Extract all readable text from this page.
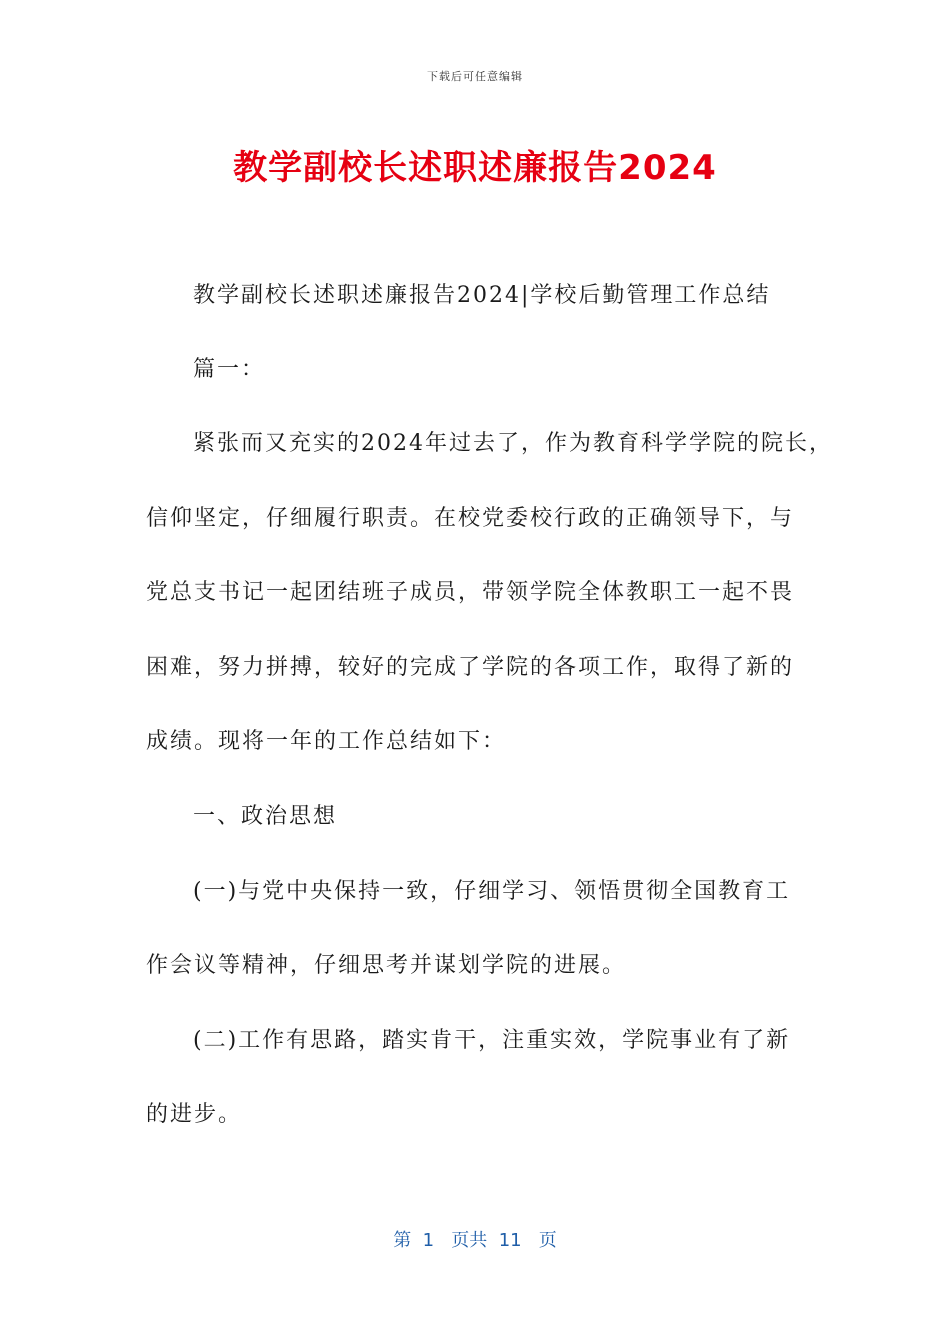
下载后可任意编辑
教学副校长述职述廉报告2024
教学副校长述职述廉报告2024|学校后勤管理工作总结
篇一：
紧张而又充实的2024年过去了，作为教育科学学院的院长，
信仰坚定，仔细履行职责。在校党委校行政的正确领导下，与
党总支书记一起团结班子成员，带领学院全体教职工一起不畏
困难，努力拼搏，较好的完成了学院的各项工作，取得了新的
成绩。现将一年的工作总结如下：
一、政治思想
(一)与党中央保持一致，仔细学习、领悟贯彻全国教育工
作会议等精神，仔细思考并谋划学院的进展。
(二)工作有思路，踏实肯干，注重实效，学院事业有了新
的进步。
第  1   页共  11   页
